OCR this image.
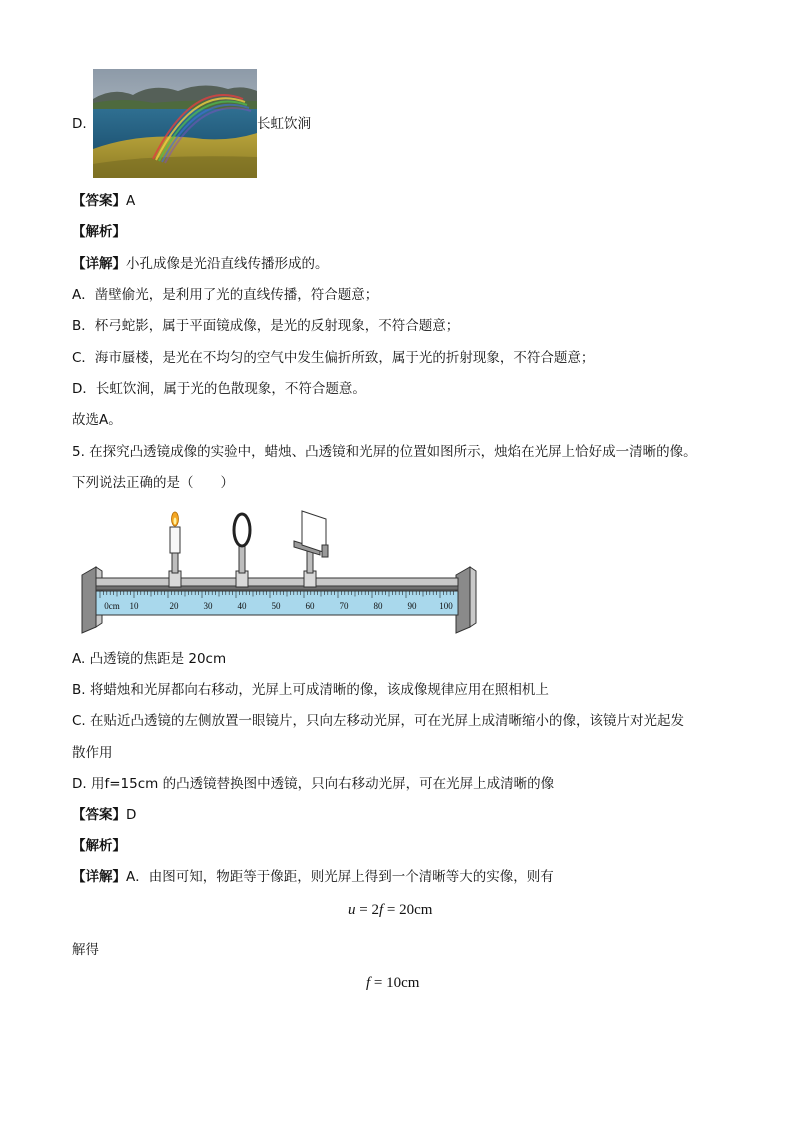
D.	长虹饮涧
【答案】A
【解析】
【详解】小孔成像是光沿直线传播形成的。
A．凿壁偷光，是利用了光的直线传播，符合题意；
B．杯弓蛇影，属于平面镜成像，是光的反射现象，不符合题意；
C．海市蜃楼，是光在不均匀的空气中发生偏折所致，属于光的折射现象，不符合题意；
D．长虹饮涧，属于光的色散现象，不符合题意。
故选A。
5. 在探究凸透镜成像的实验中，蜡烛、凸透镜和光屏的位置如图所示，烛焰在光屏上恰好成一清晰的像。
下列说法正确的是（　　）
0cm 10	20	30	40	50	60	70	80	90	100
A. 凸透镜的焦距是 20cm
B. 将蜡烛和光屏都向右移动，光屏上可成清晰的像，该成像规律应用在照相机上
C. 在贴近凸透镜的左侧放置一眼镜片，只向左移动光屏，可在光屏上成清晰缩小的像，该镜片对光起发
散作用
D. 用f=15cm 的凸透镜替换图中透镜，只向右移动光屏，可在光屏上成清晰的像
【答案】D
【解析】
【详解】A．由图可知，物距等于像距，则光屏上得到一个清晰等大的实像，则有
u = 2f = 20cm
解得
f = 10cm
